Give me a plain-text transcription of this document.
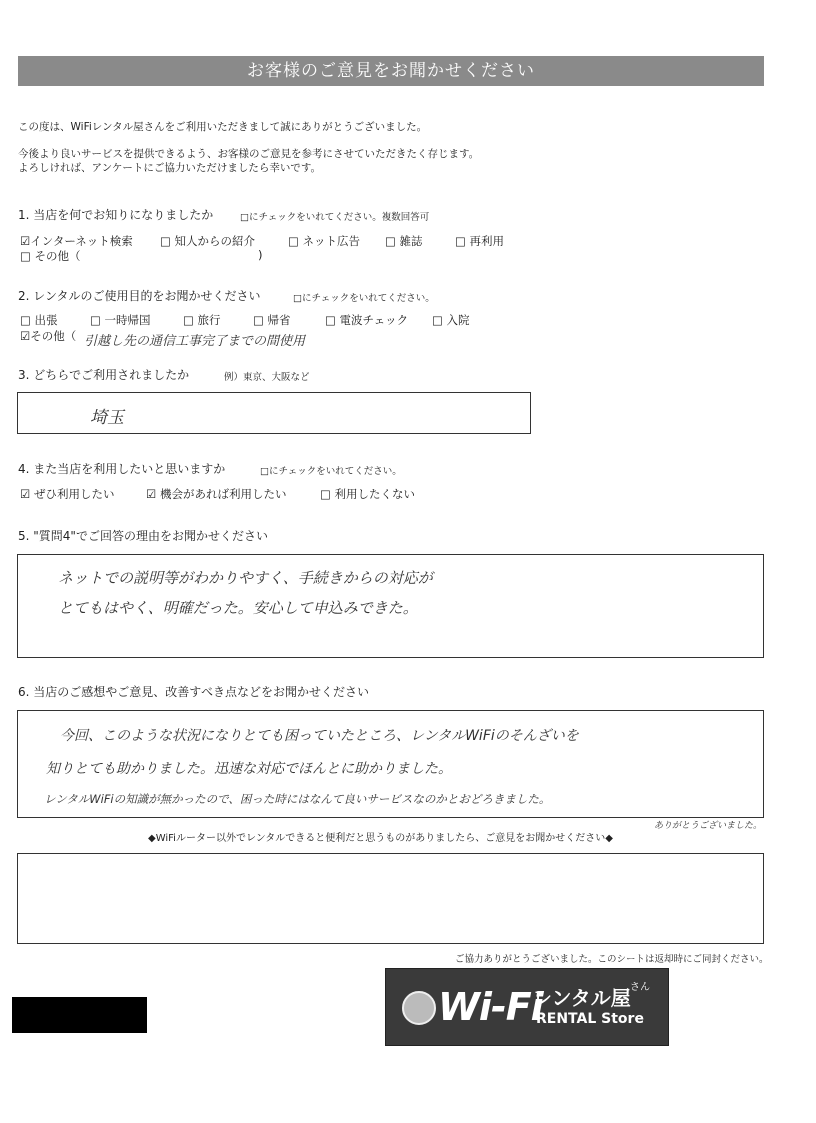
お客様のご意見をお聞かせください
この度は、WiFiレンタル屋さんをご利用いただきまして誠にありがとうございました。
今後より良いサービスを提供できるよう、お客様のご意見を参考にさせていただきたく存じます。
よろしければ、アンケートにご協力いただけましたら幸いです。
1. 当店を何でお知りになりましたか	□にチェックをいれてください。複数回答可
☑インターネット検索 □ 知人からの紹介	□ ネット広告 □ 雑誌	□ 再利用
□ その他（	)
2. レンタルのご使用目的をお聞かせください	□にチェックをいれてください。
□ 出張	□ 一時帰国	□ 旅行	□ 帰省	□ 電波チェック □ 入院
☑その他（ 引越し先の通信工事完了までの間使用
3. どちらでご利用されましたか	例）東京、大阪など
埼玉
4. また当店を利用したいと思いますか	□にチェックをいれてください。
☑ ぜひ利用したい	☑ 機会があれば利用したい	□ 利用したくない
5. "質問4"でご回答の理由をお聞かせください
ネットでの説明等がわかりやすく、手続きからの対応が
とてもはやく、明確だった。安心して申込みできた。
6. 当店のご感想やご意見、改善すべき点などをお聞かせください
今回、このような状況になりとても困っていたところ、レンタルWiFiのそんざいを
知りとても助かりました。迅速な対応でほんとに助かりました。
レンタルWiFiの知識が無かったので、困った時にはなんて良いサービスなのかとおどろきました。
ありがとうございました。
◆WiFiルーター以外でレンタルできると便利だと思うものがありましたら、ご意見をお聞かせください◆
ご協力ありがとうございました。このシートは返却時にご同封ください。
Wi-Fi
レンタル屋 さん
RENTAL Store
